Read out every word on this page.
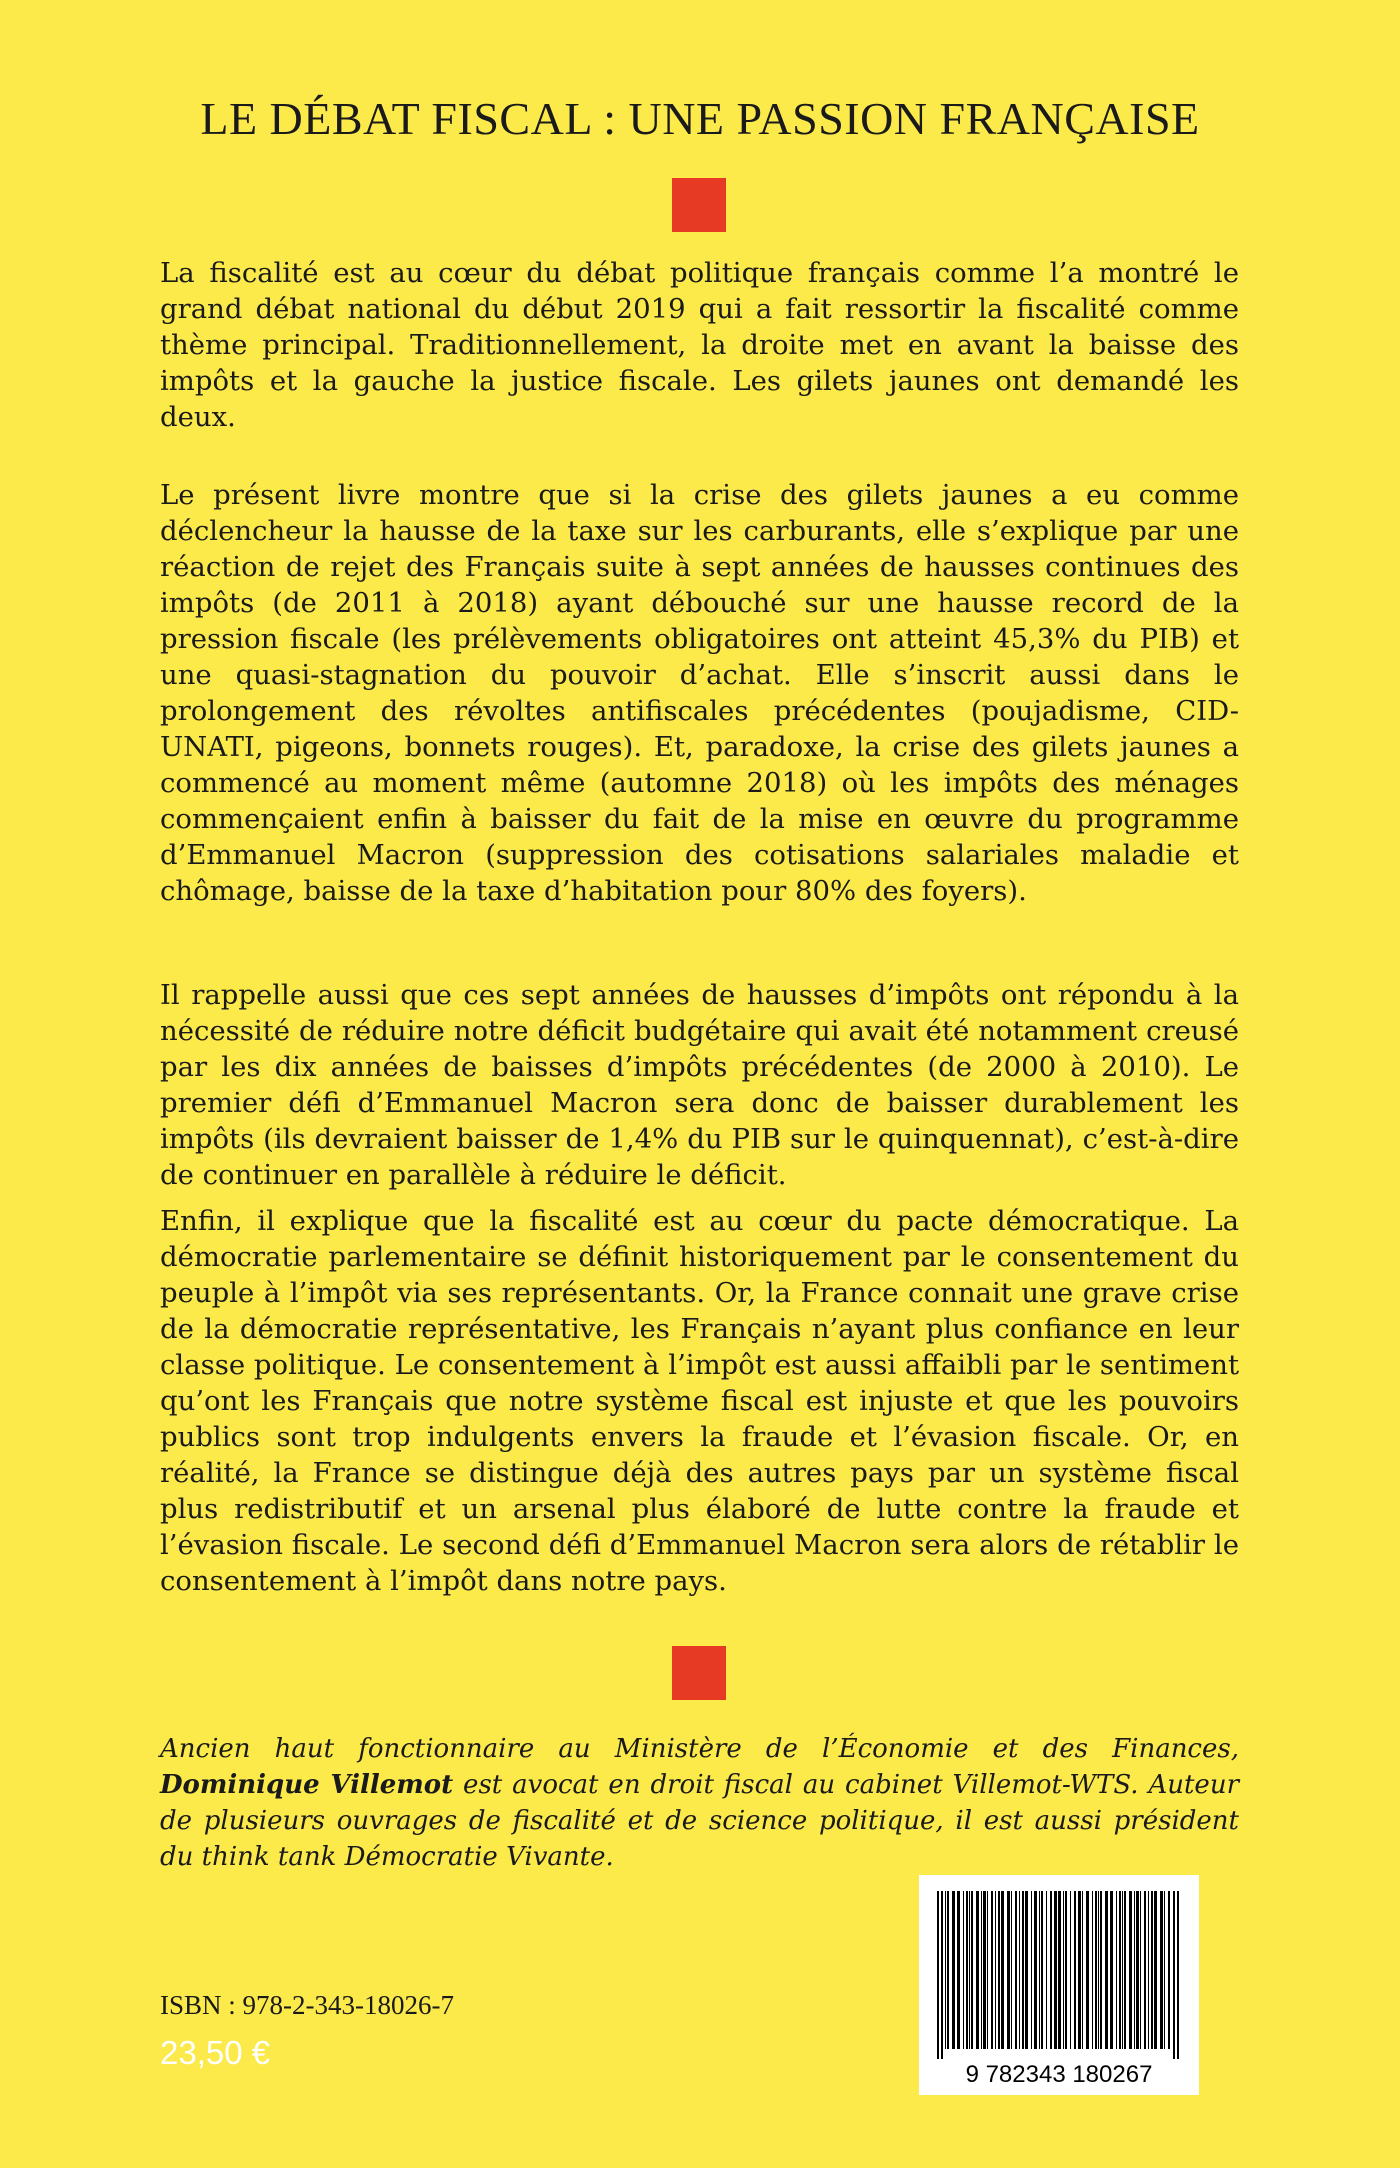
LE DÉBAT FISCAL : UNE PASSION FRANÇAISE

La fiscalité est au cœur du débat politique français comme l’a montré le grand débat national du début 2019 qui a fait ressortir la fiscalité comme thème principal. Traditionnellement, la droite met en avant la baisse des impôts et la gauche la justice fiscale. Les gilets jaunes ont demandé les deux.

Le présent livre montre que si la crise des gilets jaunes a eu comme déclencheur la hausse de la taxe sur les carburants, elle s’explique par une réaction de rejet des Français suite à sept années de hausses continues des impôts (de 2011 à 2018) ayant débouché sur une hausse record de la pression fiscale (les prélèvements obligatoires ont atteint 45,3% du PIB) et une quasi-stagnation du pouvoir d’achat. Elle s’inscrit aussi dans le prolongement des révoltes antifiscales précédentes (poujadisme, CID-UNATI, pigeons, bonnets rouges). Et, paradoxe, la crise des gilets jaunes a commencé au moment même (automne 2018) où les impôts des ménages commençaient enfin à baisser du fait de la mise en œuvre du programme d’Emmanuel Macron (suppression des cotisations salariales maladie et chômage, baisse de la taxe d’habitation pour 80% des foyers).

Il rappelle aussi que ces sept années de hausses d’impôts ont répondu à la nécessité de réduire notre déficit budgétaire qui avait été notamment creusé par les dix années de baisses d’impôts précédentes (de 2000 à 2010). Le premier défi d’Emmanuel Macron sera donc de baisser durablement les impôts (ils devraient baisser de 1,4% du PIB sur le quinquennat), c’est-à-dire de continuer en parallèle à réduire le déficit.

Enfin, il explique que la fiscalité est au cœur du pacte démocratique. La démocratie parlementaire se définit historiquement par le consentement du peuple à l’impôt via ses représentants. Or, la France connait une grave crise de la démocratie représentative, les Français n’ayant plus confiance en leur classe politique. Le consentement à l’impôt est aussi affaibli par le sentiment qu’ont les Français que notre système fiscal est injuste et que les pouvoirs publics sont trop indulgents envers la fraude et l’évasion fiscale. Or, en réalité, la France se distingue déjà des autres pays par un système fiscal plus redistributif et un arsenal plus élaboré de lutte contre la fraude et l’évasion fiscale. Le second défi d’Emmanuel Macron sera alors de rétablir le consentement à l’impôt dans notre pays.

Ancien haut fonctionnaire au Ministère de l’Économie et des Finances, Dominique Villemot est avocat en droit fiscal au cabinet Villemot-WTS. Auteur de plusieurs ouvrages de fiscalité et de science politique, il est aussi président du think tank Démocratie Vivante.

9 782343 180267

ISBN : 978-2-343-18026-7

23,50 €
